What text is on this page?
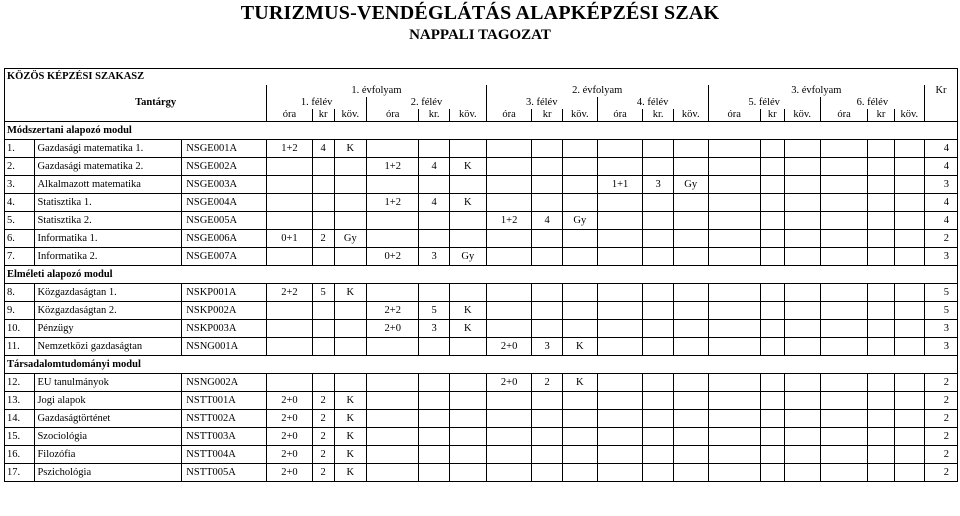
TURIZMUS-VENDÉGLÁTÁS ALAPKÉPZÉSI SZAK
NAPPALI TAGOZAT
KÖZÖS KÉPZÉSI SZAKASZ																					
Tantárgy			1. évfolyam						2. évfolyam						3. évfolyam						Kr
			1. félév			2. félév			3. félév			4. félév			5. félév			6. félév			
			óra	kr	köv.	óra	kr.	köv.	óra	kr	köv.	óra	kr.	köv.	óra	kr	köv.	óra	kr	köv.	
Módszertani alapozó modul																					
1.	Gazdasági matematika 1.	NSGE001A	1+2	4	K																4
2.	Gazdasági matematika 2.	NSGE002A				1+2	4	K													4
3.	Alkalmazott matematika	NSGE003A										1+1	3	Gy							3
4.	Statisztika 1.	NSGE004A				1+2	4	K													4
5.	Statisztika 2.	NSGE005A							1+2	4	Gy										4
6.	Informatika 1.	NSGE006A	0+1	2	Gy																2
7.	Informatika 2.	NSGE007A				0+2	3	Gy													3
Elméleti alapozó modul																					
8.	Közgazdaságtan 1.	NSKP001A	2+2	5	K																5
9.	Közgazdaságtan 2.	NSKP002A				2+2	5	K													5
10.	Pénzügy	NSKP003A				2+0	3	K													3
11.	Nemzetközi gazdaságtan	NSNG001A							2+0	3	K										3
Társadalomtudományi modul																					
12.	EU tanulmányok	NSNG002A							2+0	2	K										2
13.	Jogi alapok	NSTT001A	2+0	2	K																2
14.	Gazdaságtörténet	NSTT002A	2+0	2	K																2
15.	Szociológia	NSTT003A	2+0	2	K																2
16.	Filozófia	NSTT004A	2+0	2	K																2
17.	Pszichológia	NSTT005A	2+0	2	K																2
